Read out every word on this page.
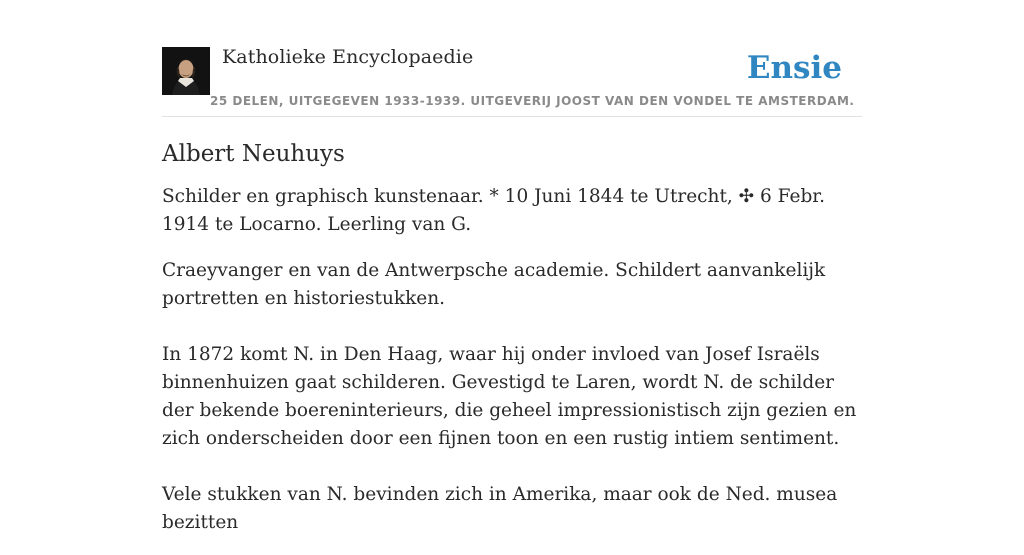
Katholieke Encyclopaedie
25 DELEN, UITGEGEVEN 1933-1939. UITGEVERIJ JOOST VAN DEN VONDEL TE AMSTERDAM.
Ensie
Albert Neuhuys

Schilder en graphisch kunstenaar. * 10 Juni 1844 te Utrecht, ✣ 6 Febr. 1914 te Locarno. Leerling van G.

Craeyvanger en van de Antwerpsche academie. Schildert aanvankelijk portretten en historiestukken.

In 1872 komt N. in Den Haag, waar hij onder invloed van Josef Israëls binnenhuizen gaat schilderen. Gevestigd te Laren, wordt N. de schilder der bekende boereninterieurs, die geheel impressionistisch zijn gezien en zich onderscheiden door een fijnen toon en een rustig intiem sentiment.

Vele stukken van N. bevinden zich in Amerika, maar ook de Ned. musea bezitten
